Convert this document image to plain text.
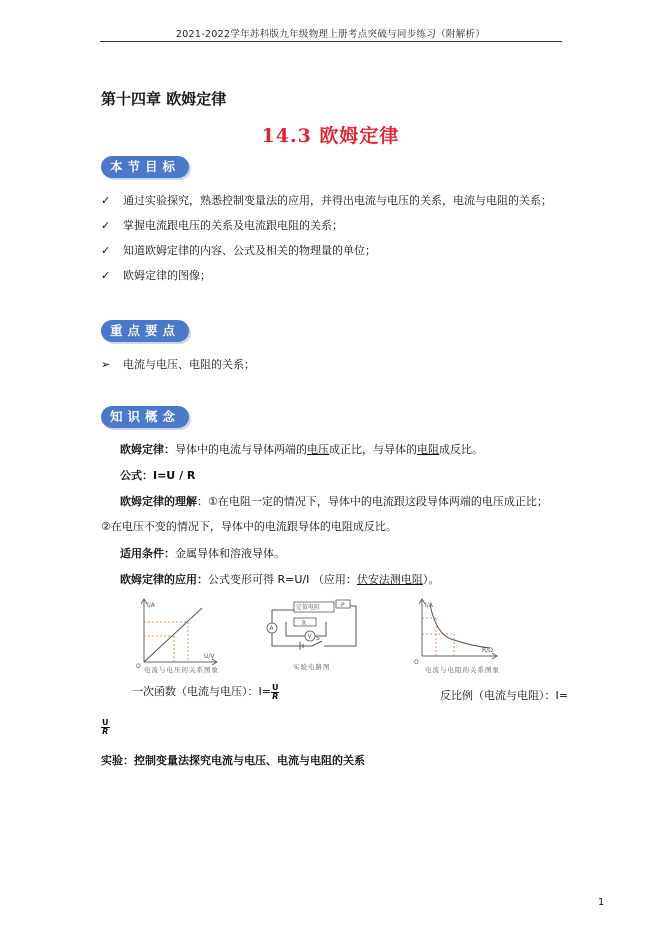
2021-2022学年苏科版九年级物理上册考点突破与同步练习（附解析）
第十四章 欧姆定律
14.3 欧姆定律
本节目标
✓ 通过实验探究，熟悉控制变量法的应用，并得出电流与电压的关系，电流与电阻的关系；
✓ 掌握电流跟电压的关系及电流跟电阻的关系；
✓ 知道欧姆定律的内容、公式及相关的物理量的单位；
✓ 欧姆定律的图像；
重点要点
➢ 电流与电压、电阻的关系；
知识概念
欧姆定律：导体中的电流与导体两端的电压成正比，与导体的电阻成反比。
公式：I=U / R
欧姆定律的理解：①在电阻一定的情况下，导体中的电流跟这段导体两端的电压成正比；
②在电压不变的情况下，导体中的电流跟导体的电阻成反比。
适用条件：金属导体和溶液导体。
欧姆定律的应用：公式变形可得 R=U/I （应用：伏安法测电阻）。
I/A
U/V
O 电流与电压的关系图象
定值电阻	P
R
A
V S
实验电路图
I/A
R/Ω
O
电流与电阻的关系图象
一次函数（电流与电压）：$I= \frac{U}{R}$	反比例（电流与电阻）：I=
$\frac{U}{R}$
实验：控制变量法探究电流与电压、电流与电阻的关系
1
